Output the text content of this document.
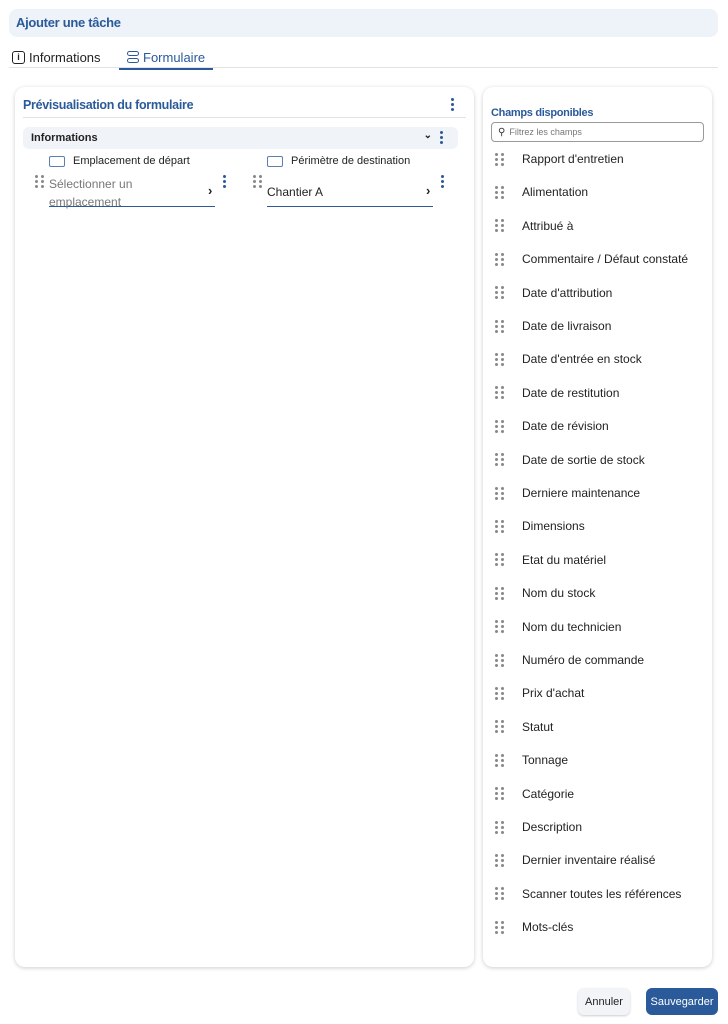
Ajouter une tâche
i Informations	Formulaire
Prévisualisation du formulaire
Informations	⌄
Emplacement de départ
Sélectionner un emplacement
›
Périmètre de destination
Chantier A	›
Champs disponibles
⚲ Filtrez les champs
Rapport d'entretien
Alimentation
Attribué à
Commentaire / Défaut constaté
Date d'attribution
Date de livraison
Date d'entrée en stock
Date de restitution
Date de révision
Date de sortie de stock
Derniere maintenance
Dimensions
Etat du matériel
Nom du stock
Nom du technicien
Numéro de commande
Prix d'achat
Statut
Tonnage
Catégorie
Description
Dernier inventaire réalisé
Scanner toutes les références
Mots-clés
Annuler	Sauvegarder
